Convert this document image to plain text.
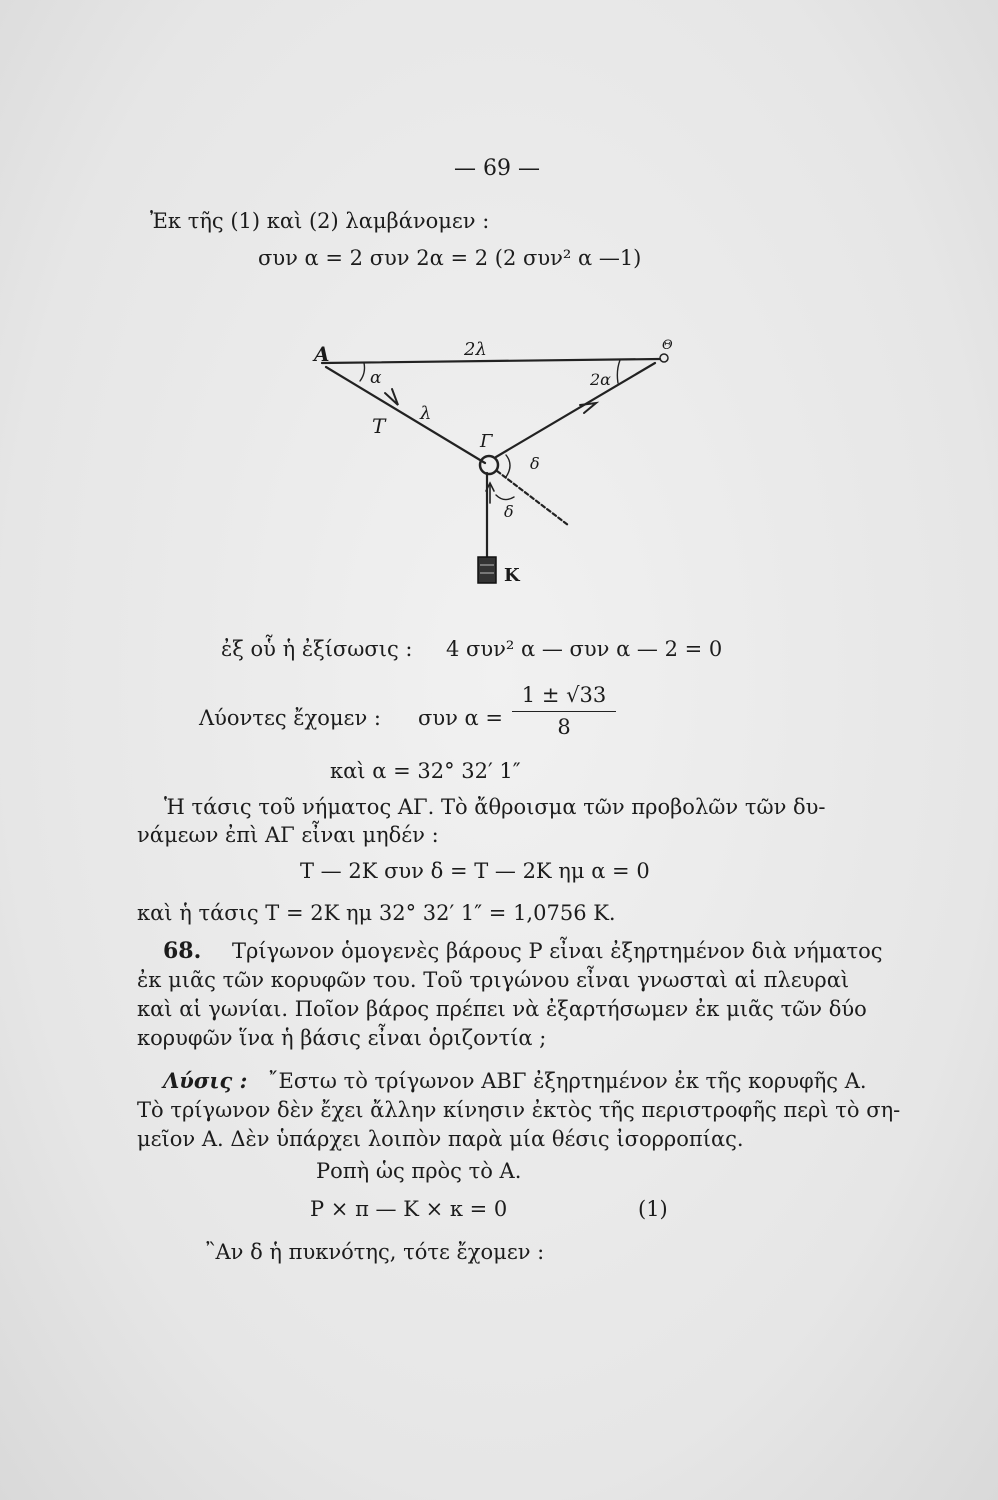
— 69 —
Ἐκ τῆς (1) καὶ (2) λαμβάνομεν :
συν α = 2 συν 2α = 2 (2 συν² α —1)
A	Θ
2λ
α	2α
T
λ
Γ
δ
δ
K
ἐξ οὗ ἡ ἐξίσωσις : 4 συν² α — συν α — 2 = 0
Λύοντες ἔχομεν : συν α =
1 ± √33
8
καὶ α = 32° 32′ 1″
Ἡ τάσις τοῦ νήματος ΑΓ. Τὸ ἄθροισμα τῶν προβολῶν τῶν δυ-
νάμεων ἐπὶ ΑΓ εἶναι μηδέν :
Τ — 2Κ συν δ = Τ — 2Κ ημ α = 0
καὶ ἡ τάσις Τ = 2Κ ημ 32° 32′ 1″ = 1,0756 Κ.
68. Τρίγωνον ὁμογενὲς βάρους Ρ εἶναι ἐξηρτημένον διὰ νήματος
ἐκ μιᾶς τῶν κορυφῶν του. Τοῦ τριγώνου εἶναι γνωσταὶ αἱ πλευραὶ
καὶ αἱ γωνίαι. Ποῖον βάρος πρέπει νὰ ἐξαρτήσωμεν ἐκ μιᾶς τῶν δύο
κορυφῶν ἵνα ἡ βάσις εἶναι ὁριζοντία ;
Λύσις : ῎Εστω τὸ τρίγωνον ΑΒΓ ἐξηρτημένον ἐκ τῆς κορυφῆς Α.
Τὸ τρίγωνον δὲν ἔχει ἄλλην κίνησιν ἐκτὸς τῆς περιστροφῆς περὶ τὸ ση-
μεῖον Α. Δὲν ὑπάρχει λοιπὸν παρὰ μία θέσις ἰσορροπίας.
Ροπὴ ὡς πρὸς τὸ Α.
Ρ × π — Κ × κ = 0	(1)
῍Αν δ ἡ πυκνότης, τότε ἔχομεν :
